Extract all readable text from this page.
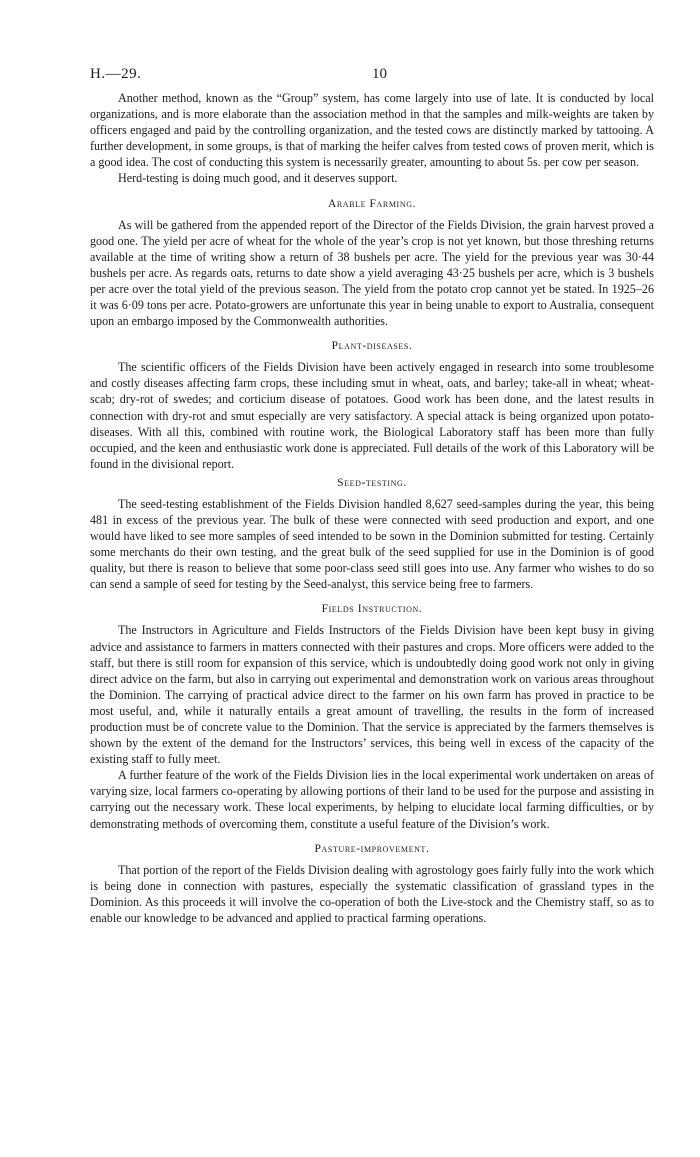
H.—29.	10

Another method, known as the “Group” system, has come largely into use of late. It is conducted by local organizations, and is more elaborate than the association method in that the samples and milk-weights are taken by officers engaged and paid by the controlling organization, and the tested cows are distinctly marked by tattooing. A further development, in some groups, is that of marking the heifer calves from tested cows of proven merit, which is a good idea. The cost of conducting this system is necessarily greater, amounting to about 5s. per cow per season.

Herd-testing is doing much good, and it deserves support.

Arable Farming.

As will be gathered from the appended report of the Director of the Fields Division, the grain harvest proved a good one. The yield per acre of wheat for the whole of the year’s crop is not yet known, but those threshing returns available at the time of writing show a return of 38 bushels per acre. The yield for the previous year was 30·44 bushels per acre. As regards oats, returns to date show a yield averaging 43·25 bushels per acre, which is 3 bushels per acre over the total yield of the previous season. The yield from the potato crop cannot yet be stated. In 1925–26 it was 6·09 tons per acre. Potato-growers are unfortunate this year in being unable to export to Australia, consequent upon an embargo imposed by the Commonwealth authorities.

Plant-diseases.

The scientific officers of the Fields Division have been actively engaged in research into some troublesome and costly diseases affecting farm crops, these including smut in wheat, oats, and barley; take-all in wheat; wheat-scab; dry-rot of swedes; and corticium disease of potatoes. Good work has been done, and the latest results in connection with dry-rot and smut especially are very satisfactory. A special attack is being organized upon potato-diseases. With all this, combined with routine work, the Biological Laboratory staff has been more than fully occupied, and the keen and enthusiastic work done is appreciated. Full details of the work of this Laboratory will be found in the divisional report.

Seed-testing.

The seed-testing establishment of the Fields Division handled 8,627 seed-samples during the year, this being 481 in excess of the previous year. The bulk of these were connected with seed production and export, and one would have liked to see more samples of seed intended to be sown in the Dominion submitted for testing. Certainly some merchants do their own testing, and the great bulk of the seed supplied for use in the Dominion is of good quality, but there is reason to believe that some poor-class seed still goes into use. Any farmer who wishes to do so can send a sample of seed for testing by the Seed-analyst, this service being free to farmers.

Fields Instruction.

The Instructors in Agriculture and Fields Instructors of the Fields Division have been kept busy in giving advice and assistance to farmers in matters connected with their pastures and crops. More officers were added to the staff, but there is still room for expansion of this service, which is undoubtedly doing good work not only in giving direct advice on the farm, but also in carrying out experimental and demonstration work on various areas throughout the Dominion. The carrying of practical advice direct to the farmer on his own farm has proved in practice to be most useful, and, while it naturally entails a great amount of travelling, the results in the form of increased production must be of concrete value to the Dominion. That the service is appreciated by the farmers themselves is shown by the extent of the demand for the Instructors’ services, this being well in excess of the capacity of the existing staff to fully meet.

A further feature of the work of the Fields Division lies in the local experimental work undertaken on areas of varying size, local farmers co-operating by allowing portions of their land to be used for the purpose and assisting in carrying out the necessary work. These local experiments, by helping to elucidate local farming difficulties, or by demonstrating methods of overcoming them, constitute a useful feature of the Division’s work.

Pasture-improvement.

That portion of the report of the Fields Division dealing with agrostology goes fairly fully into the work which is being done in connection with pastures, especially the systematic classification of grassland types in the Dominion. As this proceeds it will involve the co-operation of both the Live-stock and the Chemistry staff, so as to enable our knowledge to be advanced and applied to practical farming operations.
